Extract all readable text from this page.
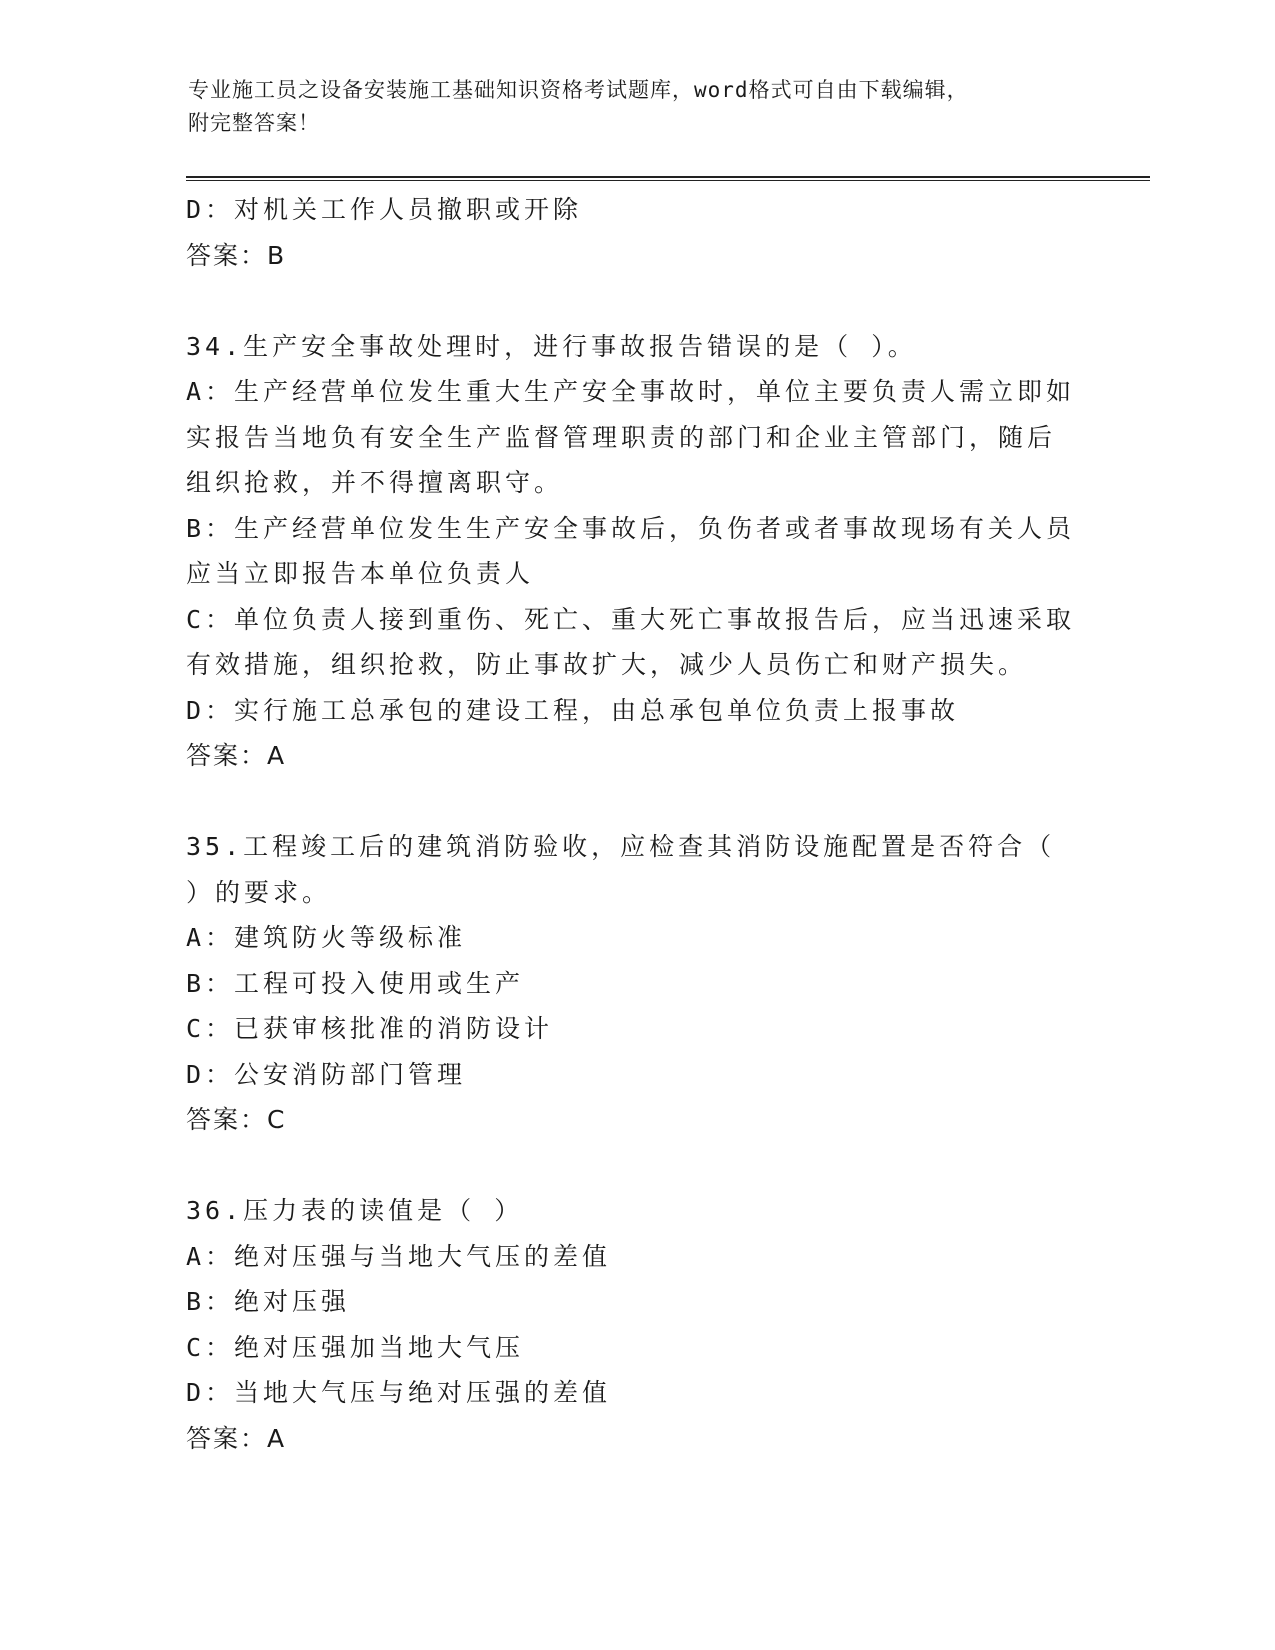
专业施工员之设备安装施工基础知识资格考试题库，word格式可自由下载编辑，
附完整答案！
D：对机关工作人员撤职或开除
答案：B
34.生产安全事故处理时，进行事故报告错误的是（ ）。
A：生产经营单位发生重大生产安全事故时，单位主要负责人需立即如
实报告当地负有安全生产监督管理职责的部门和企业主管部门，随后
组织抢救，并不得擅离职守。
B：生产经营单位发生生产安全事故后，负伤者或者事故现场有关人员
应当立即报告本单位负责人
C：单位负责人接到重伤、死亡、重大死亡事故报告后，应当迅速采取
有效措施，组织抢救，防止事故扩大，减少人员伤亡和财产损失。
D：实行施工总承包的建设工程，由总承包单位负责上报事故
答案：A
35.工程竣工后的建筑消防验收，应检查其消防设施配置是否符合（
）的要求。
A：建筑防火等级标准
B：工程可投入使用或生产
C：已获审核批准的消防设计
D：公安消防部门管理
答案：C
36.压力表的读值是（ ）
A：绝对压强与当地大气压的差值
B：绝对压强
C：绝对压强加当地大气压
D：当地大气压与绝对压强的差值
答案：A
